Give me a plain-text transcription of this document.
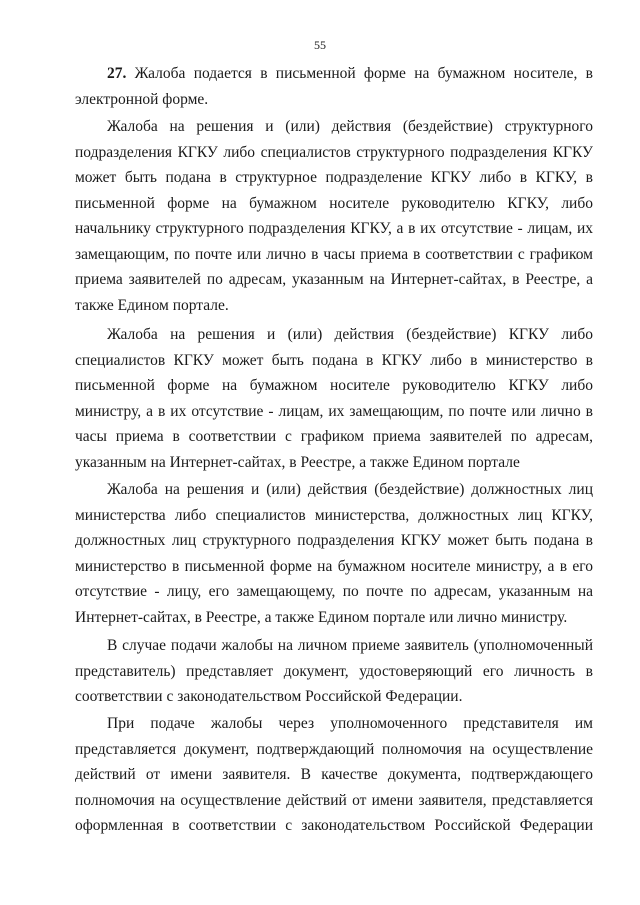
55

27. Жалоба подается в письменной форме на бумажном носителе, в электронной форме.

Жалоба на решения и (или) действия (бездействие) структурного подразделения КГКУ либо специалистов структурного подразделения КГКУ может быть подана в структурное подразделение КГКУ либо в КГКУ, в письменной форме на бумажном носителе руководителю КГКУ, либо начальнику структурного подразделения КГКУ, а в их отсутствие - лицам, их замещающим, по почте или лично в часы приема в соответствии с графиком приема заявителей по адресам, указанным на Интернет-сайтах, в Реестре, а также Едином портале.

Жалоба на решения и (или) действия (бездействие) КГКУ либо специалистов КГКУ может быть подана в КГКУ либо в министерство в письменной форме на бумажном носителе руководителю КГКУ либо министру, а в их отсутствие - лицам, их замещающим, по почте или лично в часы приема в соответствии с графиком приема заявителей по адресам, указанным на Интернет-сайтах, в Реестре, а также Едином портале

Жалоба на решения и (или) действия (бездействие) должностных лиц министерства либо специалистов министерства, должностных лиц КГКУ, должностных лиц структурного подразделения КГКУ может быть подана в министерство в письменной форме на бумажном носителе министру, а в его отсутствие - лицу, его замещающему, по почте по адресам, указанным на Интернет-сайтах, в Реестре, а также Едином портале или лично министру.

В случае подачи жалобы на личном приеме заявитель (уполномоченный представитель) представляет документ, удостоверяющий его личность в соответствии с законодательством Российской Федерации.

При подаче жалобы через уполномоченного представителя им представляется документ, подтверждающий полномочия на осуществление действий от имени заявителя. В качестве документа, подтверждающего полномочия на осуществление действий от имени заявителя, представляется оформленная в соответствии с законодательством Российской Федерации
